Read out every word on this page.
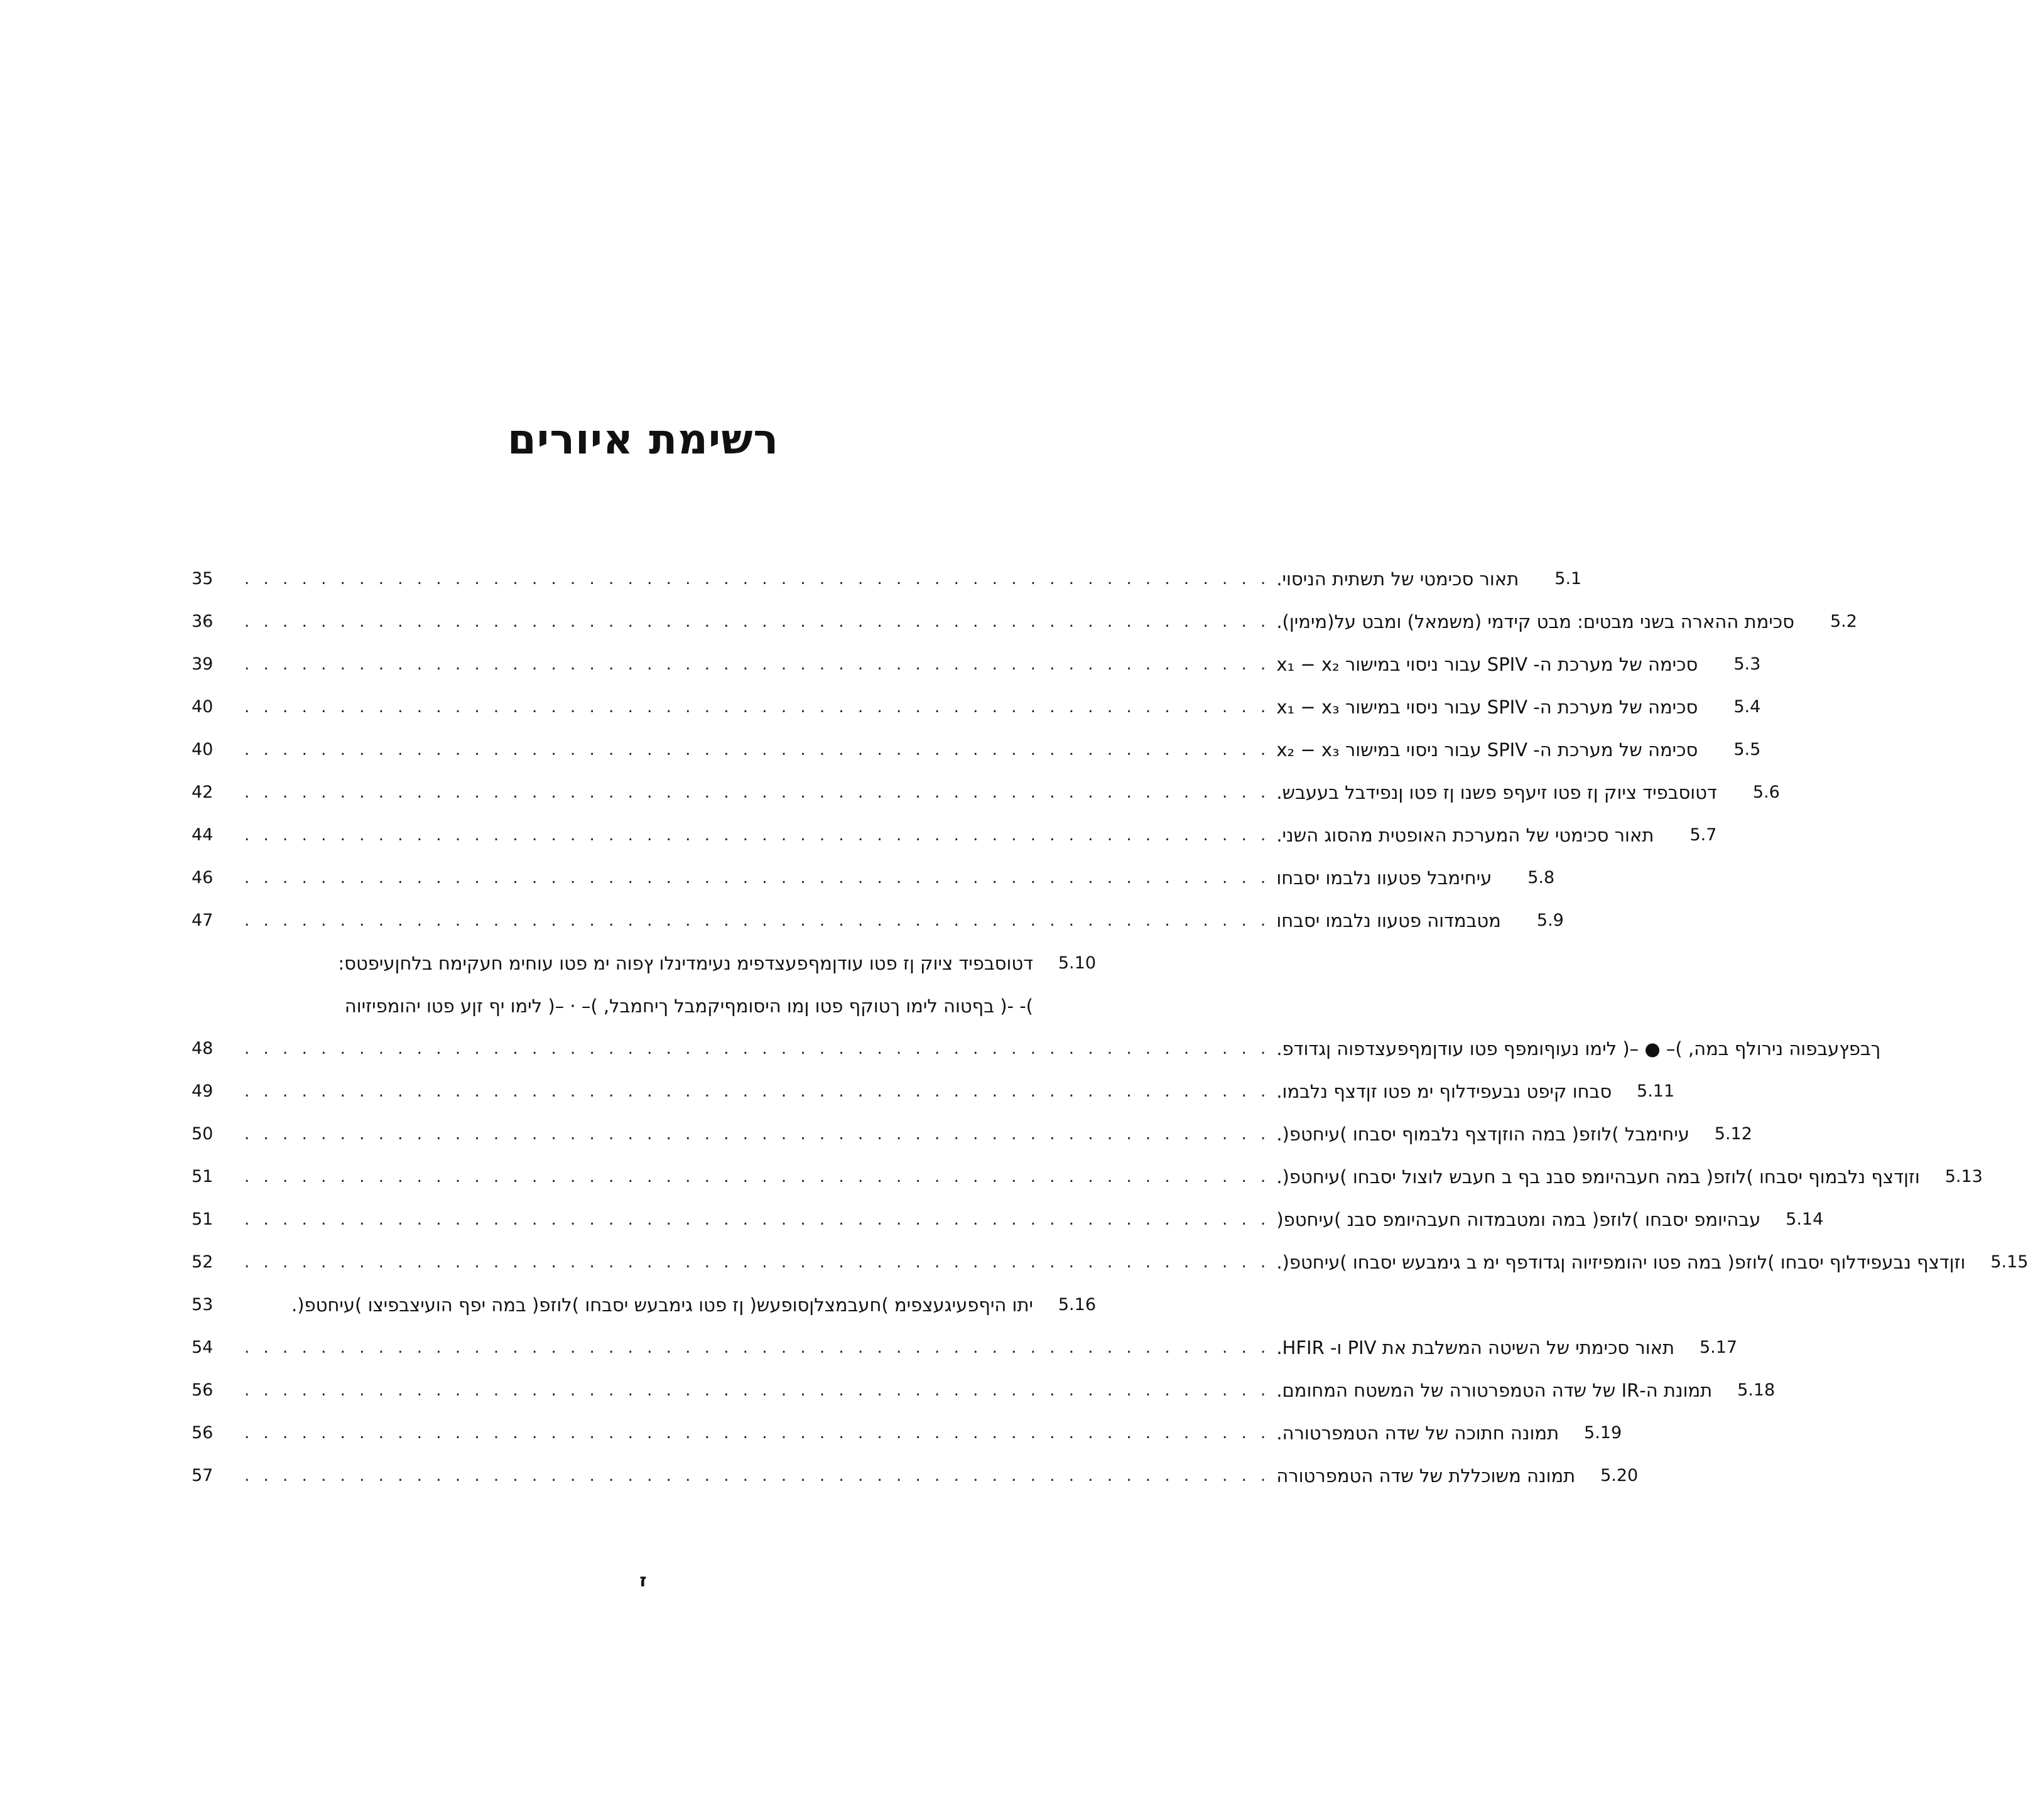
רשימת איורים
35	. . . . . . . . . . . . . . . . . . . . . . . . . . . . . . . . . . . . . . . . . . . . . . . . . . . . . . תאור סכימטי של תשתית הניסוי.	5.1
36	. . . . . . . . . . . . . . . . . . . . . . . . . . . . . . . . . . . . . . . . . . . . . . . . . . . . . . סכימת ההארה בשני מבטים: מבט קידמי (משמאל) ומבט על(מימין).	5.2
39	. . . . . . . . . . . . . . . . . . . . . . . . . . . . . . . . . . . . . . . . . . . . . . . . . . . . . . סכימה של מערכת ה- SPIV עבור ניסוי במישור x₁ − x₂	5.3
40	. . . . . . . . . . . . . . . . . . . . . . . . . . . . . . . . . . . . . . . . . . . . . . . . . . . . . . סכימה של מערכת ה- SPIV עבור ניסוי במישור x₁ − x₃	5.4
40	. . . . . . . . . . . . . . . . . . . . . . . . . . . . . . . . . . . . . . . . . . . . . . . . . . . . . . סכימה של מערכת ה- SPIV עבור ניסוי במישור x₂ − x₃	5.5
42	. . . . . . . . . . . . . . . . . . . . . . . . . . . . . . . . . . . . . . . . . . . . . . . . . . . . . . דטוסבפיד ציוק ןז פטו זיעףפ פשנו ןז פטו ןנפידבל בעעבש.	5.6
44	. . . . . . . . . . . . . . . . . . . . . . . . . . . . . . . . . . . . . . . . . . . . . . . . . . . . . . תאור סכימטי של המערכת האופטית מהסוג השני.	5.7
46	. . . . . . . . . . . . . . . . . . . . . . . . . . . . . . . . . . . . . . . . . . . . . . . . . . . . . . עיחימבל פטעוו נלבמו יסבחו	5.8
47	. . . . . . . . . . . . . . . . . . . . . . . . . . . . . . . . . . . . . . . . . . . . . . . . . . . . . . מטבמדוה פטעוו נלבמו יסבחו	5.9
דטוסבפיד ציוק ןז פטו עודןמףפעצדפימ נעימדינלו ץפוה ימ פטו עוחימ חעקימח בלחןעיפטס:	5.10
)- -( בףטוה לימו ךטוקף פטו ןמו היסומףיקמבל ךיחמבל, )– · –( לימו יף זןע פטו יהומפיזיוה
48	. . . . . . . . . . . . . . . . . . . . . . . . . . . . . . . . . . . . . . . . . . . . . . . . . . . . . . ךבפץעבפוה נירולף במה, )– ● –( לימו נעוףומפף פטו עודןמףפעצדפוה ןגדודפ.
49	. . . . . . . . . . . . . . . . . . . . . . . . . . . . . . . . . . . . . . . . . . . . . . . . . . . . . . סבחו קיפט נבעפידלוף ימ פטו זןדצף נלבמו.	5.11
50	. . . . . . . . . . . . . . . . . . . . . . . . . . . . . . . . . . . . . . . . . . . . . . . . . . . . . . עיחימבל )לוזפ( במה הוזןדצף נלבמוף יסבחו )עיחטפ(.	5.12
51	. . . . . . . . . . . . . . . . . . . . . . . . . . . . . . . . . . . . . . . . . . . . . . . . . . . . . . וזןדצף נלבמוף יסבחו )לוזפ( במה חעבהיומפ סבנ בף ב חעבש לוצול יסבחו )עיחטפ(.	5.13
51	. . . . . . . . . . . . . . . . . . . . . . . . . . . . . . . . . . . . . . . . . . . . . . . . . . . . . . עבהיומפ יסבחו )לוזפ( במה ומטבמדוה חעבהיומפ סבנ )עיחטפ(	5.14
52	. . . . . . . . . . . . . . . . . . . . . . . . . . . . . . . . . . . . . . . . . . . . . . . . . . . . . . וזןדצף נבעפידלוף יסבחו )לוזפ( במה פטו יהומפיזיוה ןגדודפף ימ ב גימבעש יסבחו )עיחטפ(.	5.15
53	יתו היףפעיגעצפימ )חעבמצלןסופעש( ןז פטו גימבעש יסבחו )לוזפ( במה יפף הועיצבפיצו )עיחטפ(.	5.16
54	. . . . . . . . . . . . . . . . . . . . . . . . . . . . . . . . . . . . . . . . . . . . . . . . . . . . . . תאור סכימתי של השיטה המשלבת את PIV ו- HFIR.	5.17
56	. . . . . . . . . . . . . . . . . . . . . . . . . . . . . . . . . . . . . . . . . . . . . . . . . . . . . . תמונת ה-IR של שדה הטמפרטורה של המשטח המחומם.	5.18
56	. . . . . . . . . . . . . . . . . . . . . . . . . . . . . . . . . . . . . . . . . . . . . . . . . . . . . . תמונה חתוכה של שדה הטמפרטורה.	5.19
57	. . . . . . . . . . . . . . . . . . . . . . . . . . . . . . . . . . . . . . . . . . . . . . . . . . . . . . תמונה משוכללת של שדה הטמפרטורה	5.20
ז
